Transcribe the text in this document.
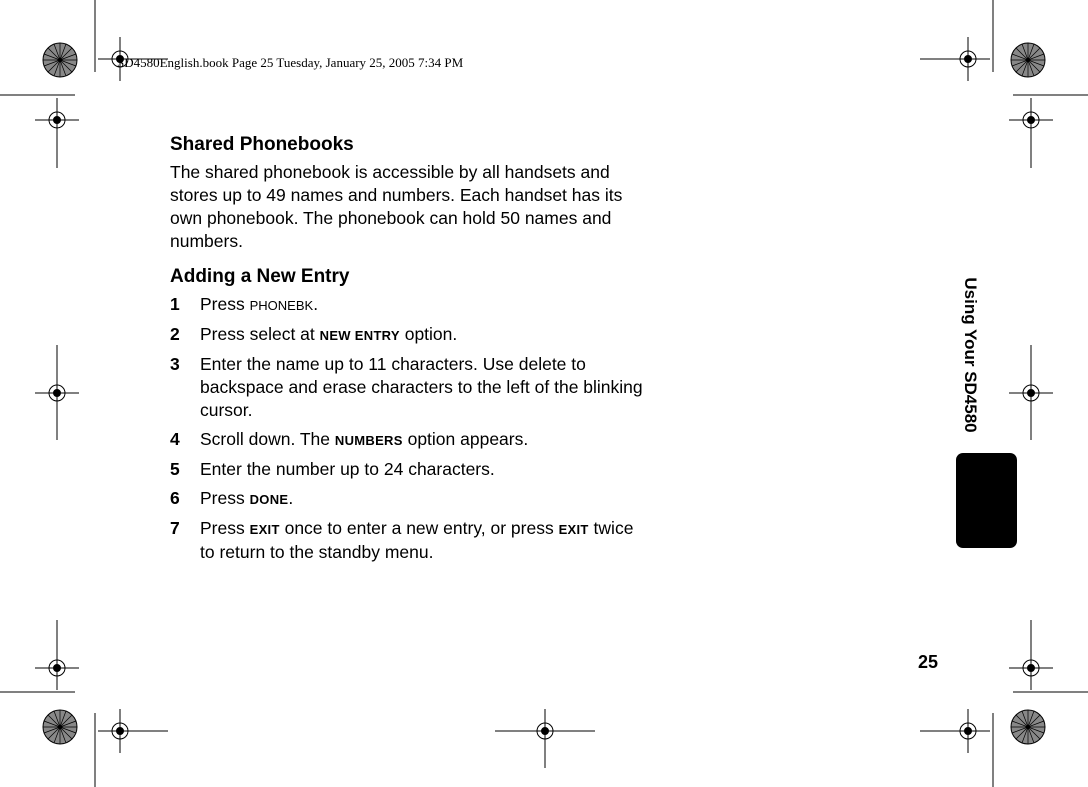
SD4580English.book Page 25 Tuesday, January 25, 2005 7:34 PM
Shared Phonebooks

The shared phonebook is accessible by all handsets and stores up to 49 names and numbers. Each handset has its own phonebook. The phonebook can hold 50 names and numbers.

Adding a New Entry
1	Press PHONEBK.
2	Press select at NEW ENTRY option.
3	Enter the name up to 11 characters. Use delete to backspace and erase characters to the left of the blinking cursor.
4	Scroll down. The NUMBERS option appears.
5	Enter the number up to 24 characters.
6	Press DONE.
7	Press EXIT once to enter a new entry, or press EXIT twice to return to the standby menu.
Using Your SD4580
25
